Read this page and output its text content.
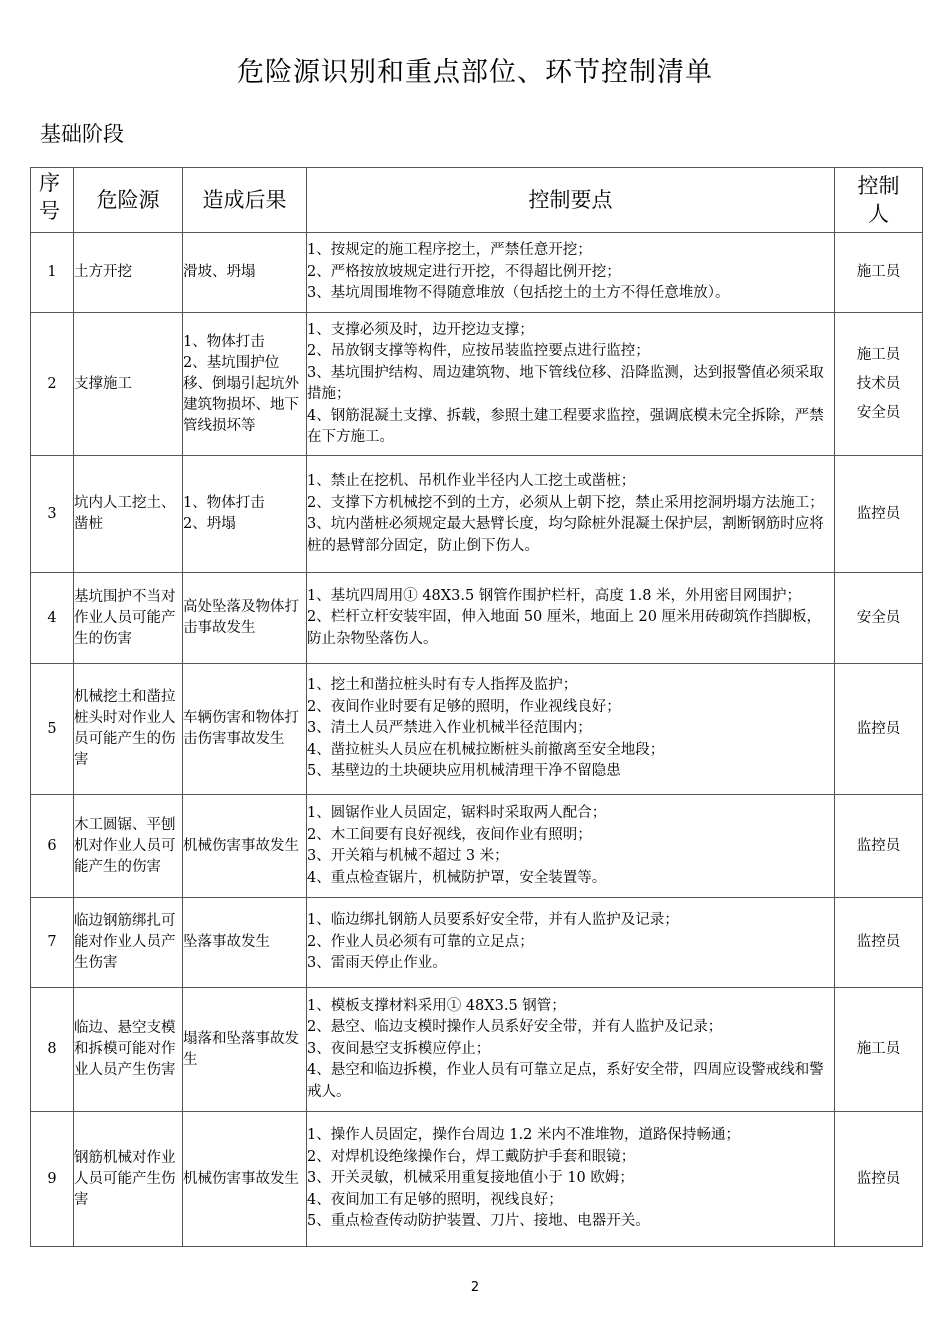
危险源识别和重点部位、环节控制清单
基础阶段
序号	危险源	造成后果	控制要点	控制人

1	土方开挖	滑坡、坍塌	1、按规定的施工程序挖土，严禁任意开挖；
2、严格按放坡规定进行开挖，不得超比例开挖；
3、基坑周围堆物不得随意堆放（包括挖土的土方不得任意堆放）。	施工员

2	支撑施工	1、物体打击
2、基坑围护位移、倒塌引起坑外建筑物损坏、地下管线损坏等	1、支撑必须及时，边开挖边支撑；
2、吊放钢支撑等构件，应按吊装监控要点进行监控；
3、基坑围护结构、周边建筑物、地下管线位移、沿降监测，达到报警值必须采取措施；
4、钢筋混凝土支撑、拆载，参照土建工程要求监控，强调底模未完全拆除，严禁在下方施工。	施工员
技术员
安全员

3	坑内人工挖土、凿桩	1、物体打击
2、坍塌	1、禁止在挖机、吊机作业半径内人工挖土或凿桩；
2、支撑下方机械挖不到的土方，必须从上朝下挖，禁止采用挖洞坍塌方法施工；
3、坑内凿桩必须规定最大悬臂长度，均匀除桩外混凝土保护层，割断钢筋时应将桩的悬臂部分固定，防止倒下伤人。	监控员

4	基坑围护不当对作业人员可能产生的伤害	高处坠落及物体打击事故发生	1、基坑四周用① 48X3.5 钢管作围护栏杆，高度 1.8 米，外用密目网围护；
2、栏杆立杆安装牢固，伸入地面 50 厘米，地面上 20 厘米用砖砌筑作挡脚板，防止杂物坠落伤人。	安全员

5	机械挖土和凿拉桩头时对作业人员可能产生的伤害	车辆伤害和物体打击伤害事故发生	1、挖土和凿拉桩头时有专人指挥及监护；
2、夜间作业时要有足够的照明，作业视线良好；
3、清土人员严禁进入作业机械半径范围内；
4、凿拉桩头人员应在机械拉断桩头前撤离至安全地段；
5、基壁边的土块硬块应用机械清理干净不留隐患	监控员

6	木工圆锯、平刨机对作业人员可能产生的伤害	机械伤害事故发生	1、圆锯作业人员固定，锯料时采取两人配合；
2、木工间要有良好视线，夜间作业有照明；
3、开关箱与机械不超过 3 米；
4、重点检查锯片，机械防护罩，安全装置等。	监控员

7	临边钢筋绑扎可能对作业人员产生伤害	坠落事故发生	1、临边绑扎钢筋人员要系好安全带，并有人监护及记录；
2、作业人员必须有可靠的立足点；
3、雷雨天停止作业。	监控员

8	临边、悬空支模和拆模可能对作业人员产生伤害	塌落和坠落事故发生	1、模板支撑材料采用① 48X3.5 钢管；
2、悬空、临边支模时操作人员系好安全带，并有人监护及记录；
3、夜间悬空支拆模应停止；
4、悬空和临边拆模，作业人员有可靠立足点，系好安全带，四周应设警戒线和警戒人。	施工员

9	钢筋机械对作业人员可能产生伤害	机械伤害事故发生	1、操作人员固定，操作台周边 1.2 米内不准堆物，道路保持畅通；
2、对焊机设绝缘操作台，焊工戴防护手套和眼镜；
3、开关灵敏，机械采用重复接地值小于 10 欧姆；
4、夜间加工有足够的照明，视线良好；
5、重点检查传动防护装置、刀片、接地、电器开关。	监控员
2
